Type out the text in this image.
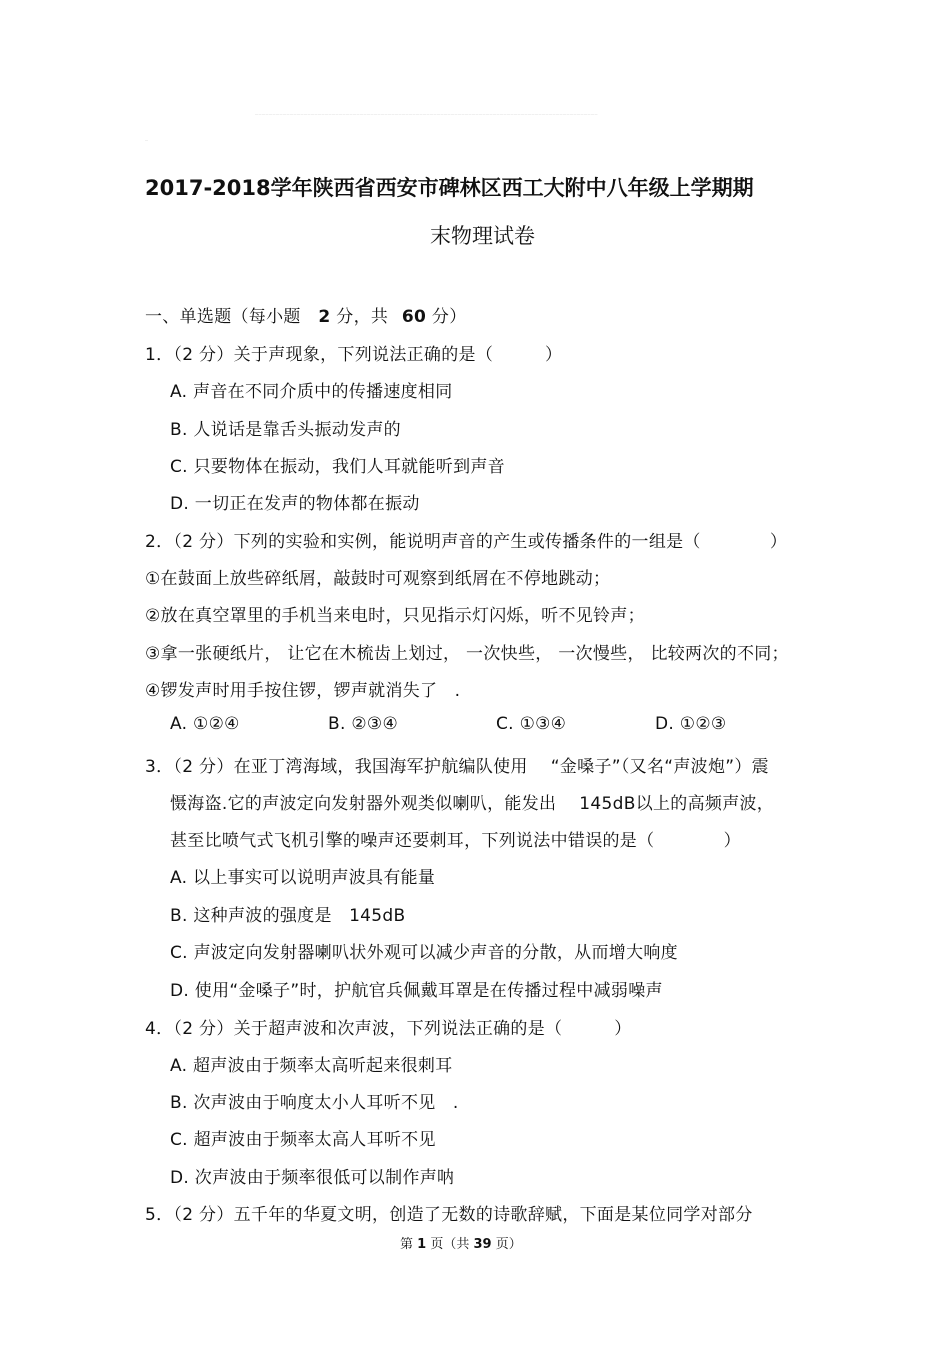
……………………………………………………………………………………………………………………………………………………………………………………………………………………………………………………………………
…
2017-2018学年陕西省西安市碑林区西工大附中八年级上学期期
末物理试卷
一、单选题（每小题 2 分，共 60 分）
1．（2 分）关于声现象，下列说法正确的是（　　　）
A. 声音在不同介质中的传播速度相同
B. 人说话是靠舌头振动发声的
C. 只要物体在振动，我们人耳就能听到声音
D. 一切正在发声的物体都在振动
2．（2 分）下列的实验和实例，能说明声音的产生或传播条件的一组是（　　　　）
①在鼓面上放些碎纸屑，敲鼓时可观察到纸屑在不停地跳动；
②放在真空罩里的手机当来电时，只见指示灯闪烁，听不见铃声；
③拿一张硬纸片， 让它在木梳齿上划过， 一次快些， 一次慢些， 比较两次的不同；
④锣发声时用手按住锣，锣声就消失了　.
A. ①②④	B. ②③④	C. ①③④	D. ①②③
3．（2 分）在亚丁湾海域，我国海军护航编队使用　 “金嗓子”（又名“声波炮”）震
慑海盗.它的声波定向发射器外观类似喇叭，能发出　 145dB以上的高频声波，
甚至比喷气式飞机引擎的噪声还要刺耳，下列说法中错误的是（　　　　）
A. 以上事实可以说明声波具有能量
B. 这种声波的强度是　145dB
C. 声波定向发射器喇叭状外观可以减少声音的分散，从而增大响度
D. 使用“金嗓子”时，护航官兵佩戴耳罩是在传播过程中减弱噪声
4．（2 分）关于超声波和次声波，下列说法正确的是（　　　）
A. 超声波由于频率太高听起来很刺耳
B. 次声波由于响度太小人耳听不见　.
C. 超声波由于频率太高人耳听不见
D. 次声波由于频率很低可以制作声呐
5．（2 分）五千年的华夏文明，创造了无数的诗歌辞赋，下面是某位同学对部分
第 1 页（共 39 页）
